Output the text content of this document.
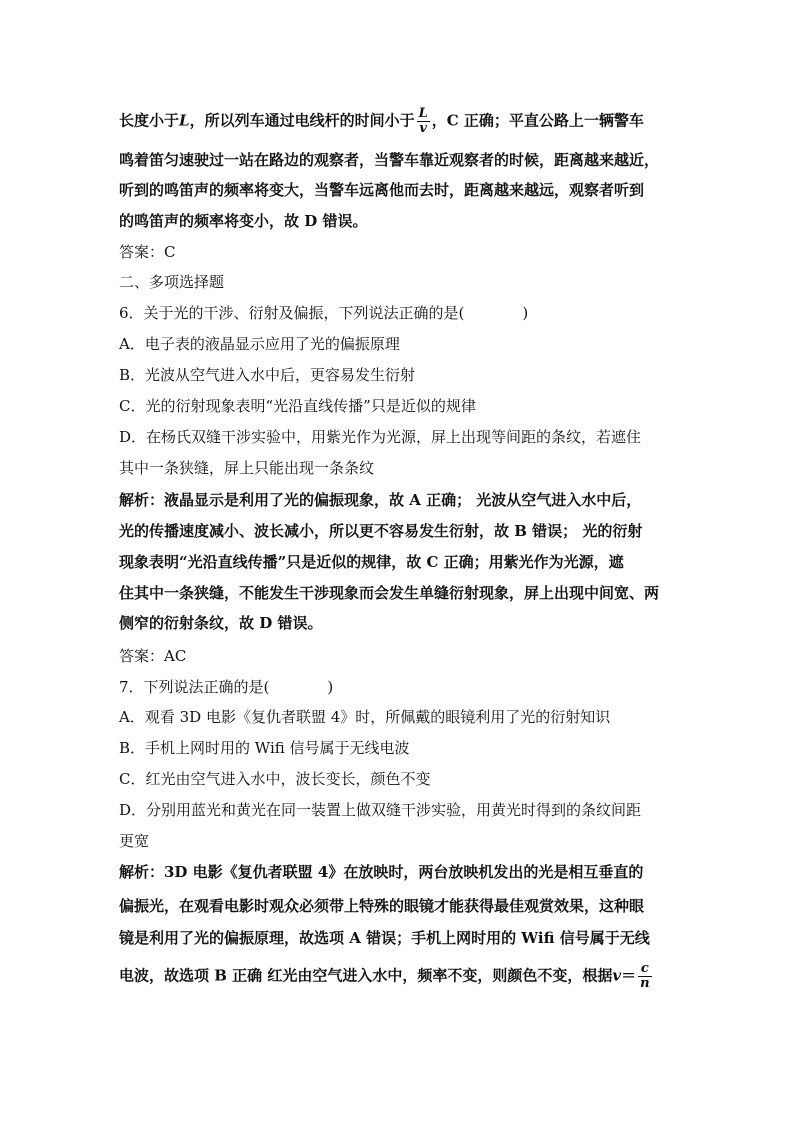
长度小于L，所以列车通过电线杆的时间小于 $\frac{L}{v}$ ，C 正确；平直公路上一辆警车
鸣着笛匀速驶过一站在路边的观察者，当警车靠近观察者的时候，距离越来越近，
听到的鸣笛声的频率将变大，当警车远离他而去时，距离越来越远，观察者听到
的鸣笛声的频率将变小，故 D 错误。
答案：C
二、多项选择题
6．关于光的干涉、衍射及偏振，下列说法正确的是(	)
A．电子表的液晶显示应用了光的偏振原理
B．光波从空气进入水中后，更容易发生衍射
C．光的衍射现象表明“光沿直线传播”只是近似的规律
D．在杨氏双缝干涉实验中，用紫光作为光源，屏上出现等间距的条纹，若遮住
其中一条狭缝，屏上只能出现一条条纹
解析：液晶显示是利用了光的偏振现象，故 A 正确； 光波从空气进入水中后，
光的传播速度减小、波长减小，所以更不容易发生衍射，故 B 错误； 光的衍射
现象表明“光沿直线传播”只是近似的规律，故 C 正确；用紫光作为光源，遮
住其中一条狭缝，不能发生干涉现象而会发生单缝衍射现象，屏上出现中间宽、两
侧窄的衍射条纹，故 D 错误。
答案：AC
7．下列说法正确的是(	)
A．观看 3D 电影《复仇者联盟 4》时，所佩戴的眼镜利用了光的衍射知识
B．手机上网时用的 Wifi 信号属于无线电波
C．红光由空气进入水中，波长变长，颜色不变
D．分别用蓝光和黄光在同一装置上做双缝干涉实验，用黄光时得到的条纹间距
更宽
解析：3D 电影《复仇者联盟 4》在放映时，两台放映机发出的光是相互垂直的
偏振光，在观看电影时观众必须带上特殊的眼镜才能获得最佳观赏效果，这种眼
镜是利用了光的偏振原理，故选项 A 错误；手机上网时用的 Wifi 信号属于无线
电波，故选项 B 正确 红光由空气进入水中，频率不变，则颜色不变，根据$v= \frac{c}{n}$
